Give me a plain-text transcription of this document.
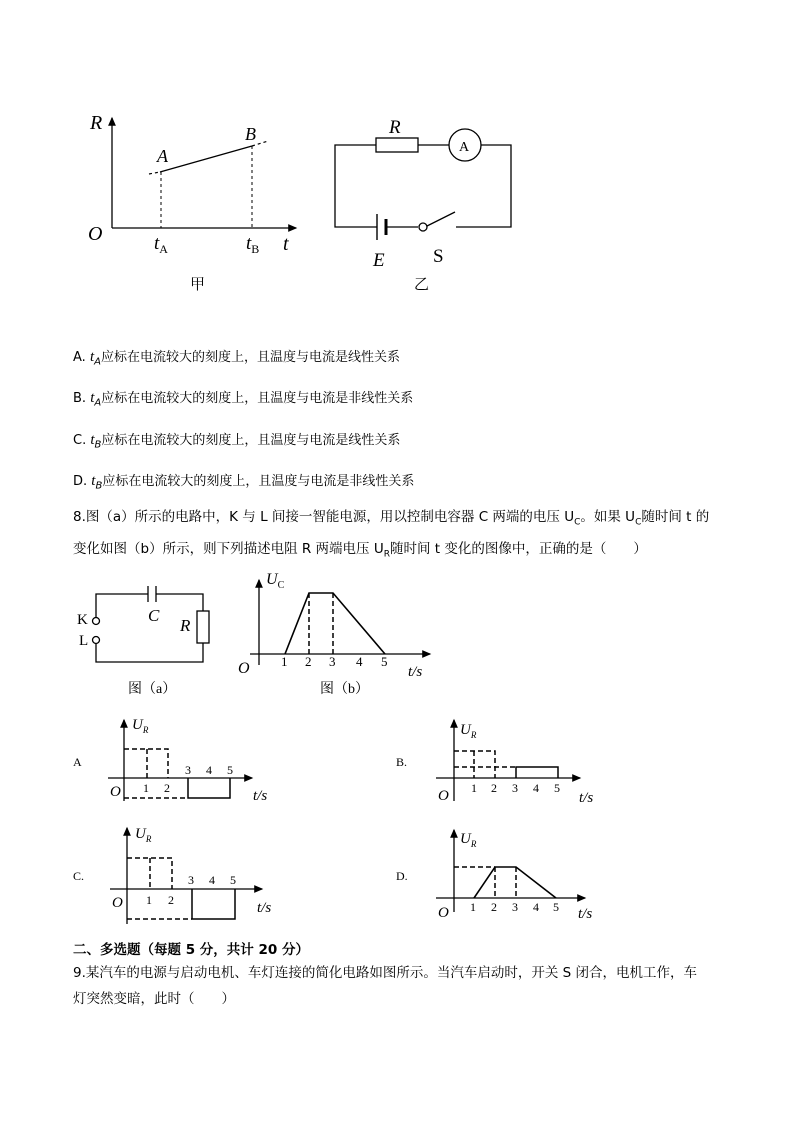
R
O	t
A
B
$t_A$	$t_B$
甲
R
A
E	S
乙
A. $t_A$应标在电流较大的刻度上，且温度与电流是线性关系
B. $t_A$应标在电流较大的刻度上，且温度与电流是非线性关系
C. $t_B$应标在电流较大的刻度上，且温度与电流是线性关系
D. $t_B$应标在电流较大的刻度上，且温度与电流是非线性关系
8.图（a）所示的电路中，K 与 L 间接一智能电源，用以控制电容器 C 两端的电压 $U_C$。如果 $U_C$随时间 t 的
变化如图（b）所示，则下列描述电阻 R 两端电压 $U_R$随时间 t 变化的图像中，正确的是（　　）
K
L
C
R
图（a）
$U_C$
O	t/s
1 2 3 4 5
图（b）
A
$U_R$
O	t/s
1 2
3 4 5
B.
$U_R$
O	t/s
1 2 3 4 5
C.
$U_R$
O	t/s
1 2
3 4 5	D.
$U_R$
O	t/s
1 2 3 4 5
二、多选题（每题 5 分，共计 20 分）
9.某汽车的电源与启动电机、车灯连接的简化电路如图所示。当汽车启动时，开关 S 闭合，电机工作，车
灯突然变暗，此时（　　）
